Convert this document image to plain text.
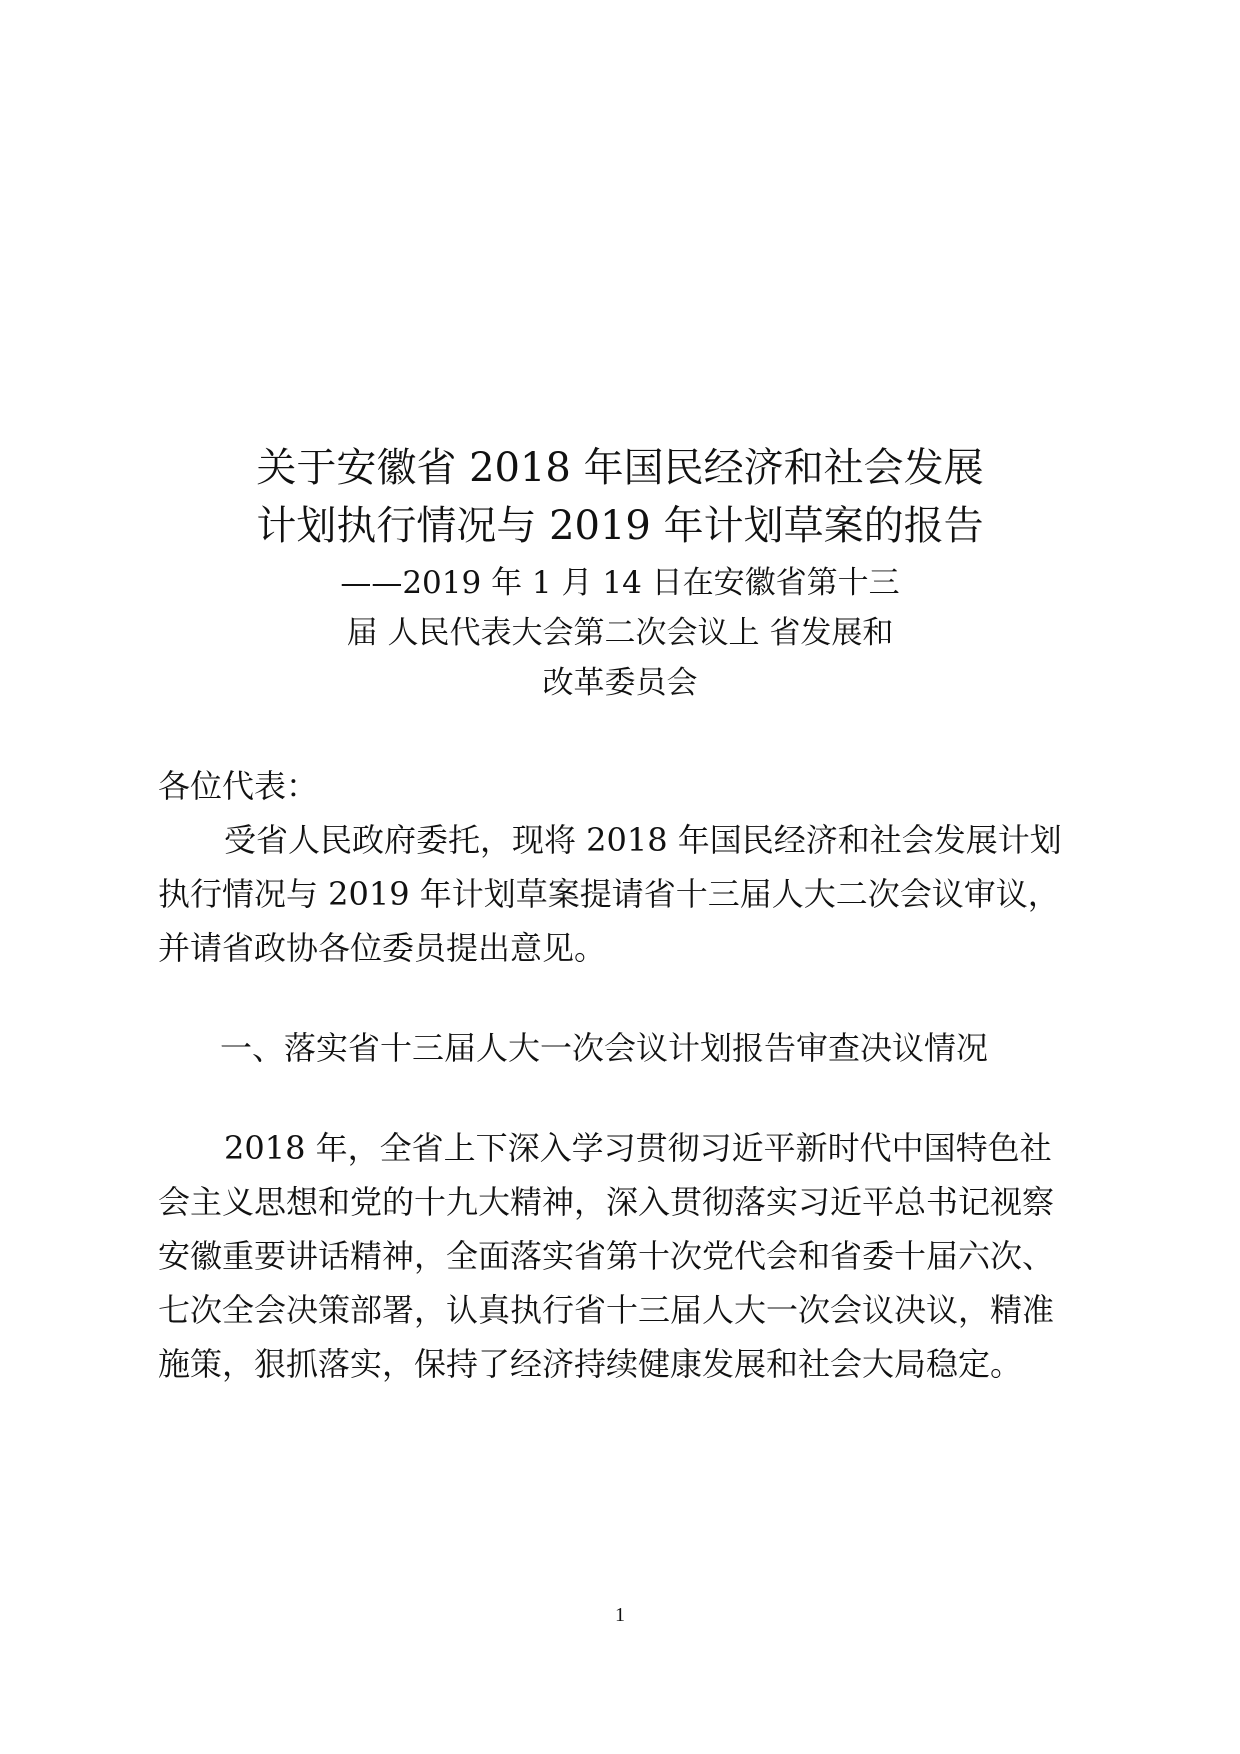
关于安徽省 2018 年国民经济和社会发展
计划执行情况与 2019 年计划草案的报告
——2019 年 1 月 14 日在安徽省第十三
届 人民代表大会第二次会议上 省发展和
改革委员会
各位代表：
受省人民政府委托，现将 2018 年国民经济和社会发展计划
执行情况与 2019 年计划草案提请省十三届人大二次会议审议，
并请省政协各位委员提出意见。
一、落实省十三届人大一次会议计划报告审查决议情况
2018 年，全省上下深入学习贯彻习近平新时代中国特色社
会主义思想和党的十九大精神，深入贯彻落实习近平总书记视察
安徽重要讲话精神，全面落实省第十次党代会和省委十届六次、
七次全会决策部署，认真执行省十三届人大一次会议决议，精准
施策，狠抓落实，保持了经济持续健康发展和社会大局稳定。
1
